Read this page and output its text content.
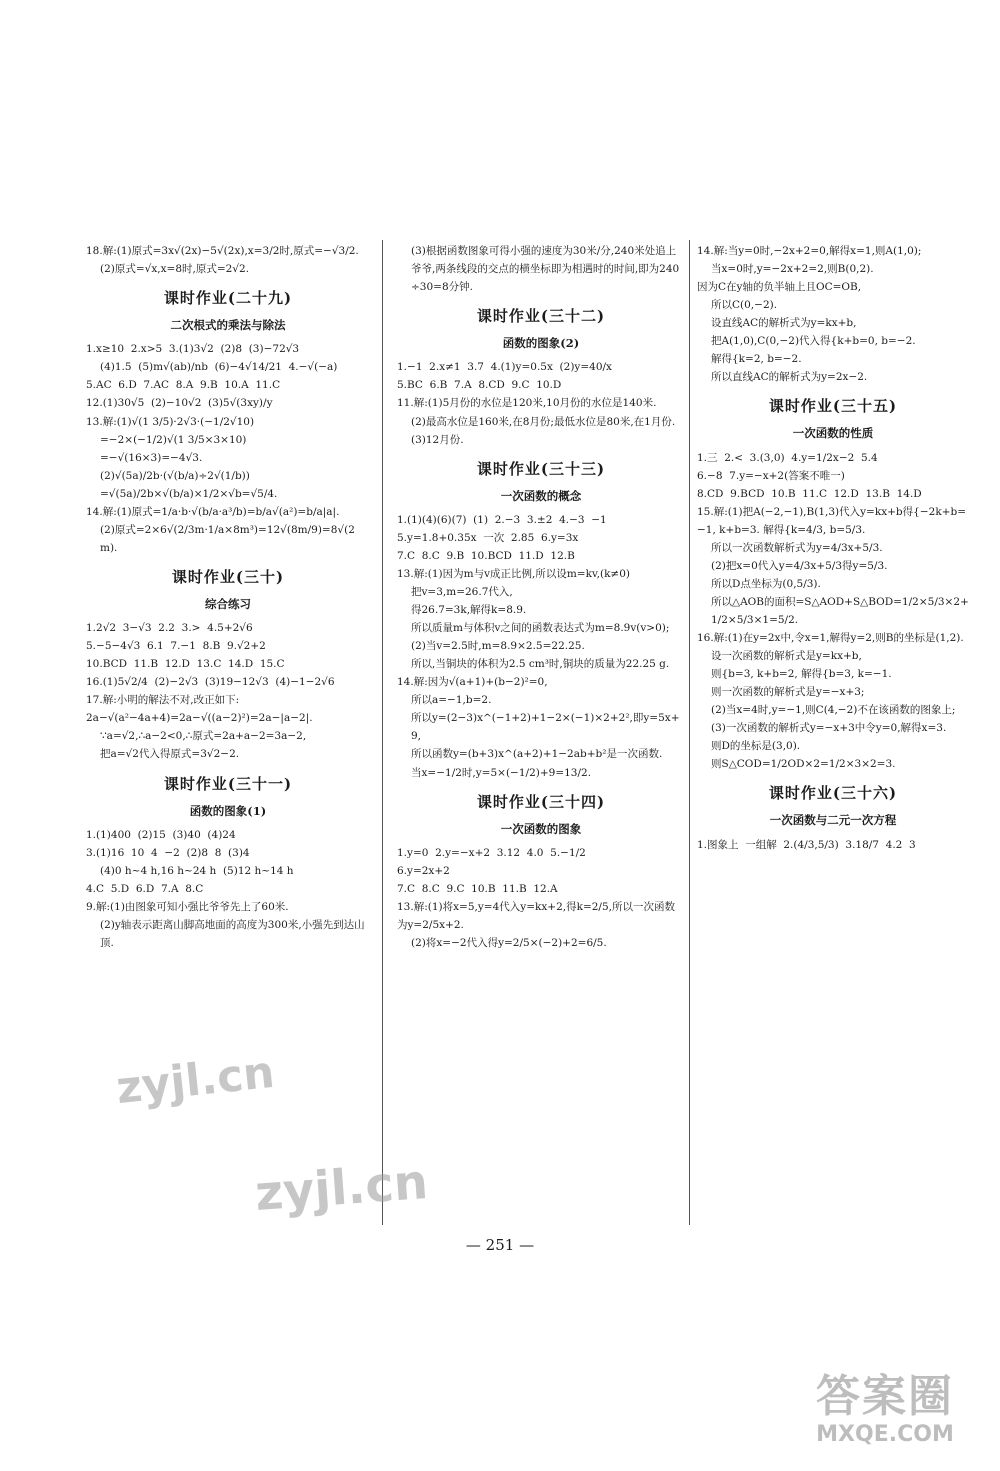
18.解:(1)原式=3x√(2x)−5√(2x),x=3/2时,原式=−√3/2.
(2)原式=√x,x=8时,原式=2√2.
课时作业(二十九)
二次根式的乘法与除法
1.x≥10  2.x>5  3.(1)3√2  (2)8  (3)−72√3
(4)1.5  (5)m√(ab)/nb  (6)−4√14/21  4.−√(−a)
5.AC  6.D  7.AC  8.A  9.B  10.A  11.C
12.(1)30√5  (2)−10√2  (3)5√(3xy)/y
13.解:(1)√(1 3/5)·2√3·(−1/2√10)
=−2×(−1/2)√(1 3/5×3×10)
=−√(16×3)=−4√3.
(2)√(5a)/2b·(√(b/a)÷2√(1/b))
=√(5a)/2b×√(b/a)×1/2×√b=√5/4.
14.解:(1)原式=1/a·b·√(b/a·a³/b)=b/a√(a²)=b/a|a|.
(2)原式=2×6√(2/3m·1/a×8m³)=12√(8m/9)=8√(2m).
课时作业(三十)
综合练习
1.2√2  3−√3  2.2  3.>  4.5+2√6
5.−5−4√3  6.1  7.−1  8.B  9.√2+2
10.BCD  11.B  12.D  13.C  14.D  15.C
16.(1)5√2/4  (2)−2√3  (3)19−12√3  (4)−1−2√6
17.解:小明的解法不对,改正如下:
2a−√(a²−4a+4)=2a−√((a−2)²)=2a−|a−2|.
∵a=√2,∴a−2<0,∴原式=2a+a−2=3a−2,
把a=√2代入得原式=3√2−2.
课时作业(三十一)
函数的图象(1)
1.(1)400  (2)15  (3)40  (4)24
3.(1)16  10  4  −2  (2)8  8  (3)4
(4)0 h~4 h,16 h~24 h  (5)12 h~14 h
4.C  5.D  6.D  7.A  8.C
9.解:(1)由图象可知小强比爷爷先上了60米.
(2)y轴表示距离山脚高地面的高度为300米,小强先到达山顶.
(3)根据函数图象可得小强的速度为30米/分,240米处追上爷爷,两条线段的交点的横坐标即为相遇时的时间,即为240÷30=8分钟.
课时作业(三十二)
函数的图象(2)
1.−1  2.x≠1  3.7  4.(1)y=0.5x  (2)y=40/x
5.BC  6.B  7.A  8.CD  9.C  10.D
11.解:(1)5月份的水位是120米,10月份的水位是140米.
(2)最高水位是160米,在8月份;最低水位是80米,在1月份.
(3)12月份.
课时作业(三十三)
一次函数的概念
1.(1)(4)(6)(7)  (1)  2.−3  3.±2  4.−3  −1
5.y=1.8+0.35x  一次  2.85  6.y=3x
7.C  8.C  9.B  10.BCD  11.D  12.B
13.解:(1)因为m与v成正比例,所以设m=kv,(k≠0)
把v=3,m=26.7代入,
得26.7=3k,解得k=8.9.
所以质量m与体积v之间的函数表达式为m=8.9v(v>0);
(2)当v=2.5时,m=8.9×2.5=22.25.
所以,当铜块的体积为2.5 cm³时,铜块的质量为22.25 g.
14.解:因为√(a+1)+(b−2)²=0,
所以a=−1,b=2.
所以y=(2−3)x^(−1+2)+1−2×(−1)×2+2²,即y=5x+9,
所以函数y=(b+3)x^(a+2)+1−2ab+b²是一次函数.
当x=−1/2时,y=5×(−1/2)+9=13/2.
课时作业(三十四)
一次函数的图象
1.y=0  2.y=−x+2  3.12  4.0  5.−1/2
6.y=2x+2
7.C  8.C  9.C  10.B  11.B  12.A
13.解:(1)将x=5,y=4代入y=kx+2,得k=2/5,所以一次函数为y=2/5x+2.
(2)将x=−2代入得y=2/5×(−2)+2=6/5.
14.解:当y=0时,−2x+2=0,解得x=1,则A(1,0);
当x=0时,y=−2x+2=2,则B(0,2).
因为C在y轴的负半轴上且OC=OB,
所以C(0,−2).
设直线AC的解析式为y=kx+b,
把A(1,0),C(0,−2)代入得{k+b=0, b=−2.
解得{k=2, b=−2.
所以直线AC的解析式为y=2x−2.
课时作业(三十五)
一次函数的性质
1.三  2.<  3.(3,0)  4.y=1/2x−2  5.4
6.−8  7.y=−x+2(答案不唯一)
8.CD  9.BCD  10.B  11.C  12.D  13.B  14.D
15.解:(1)把A(−2,−1),B(1,3)代入y=kx+b得{−2k+b=−1, k+b=3. 解得{k=4/3, b=5/3.
所以一次函数解析式为y=4/3x+5/3.
(2)把x=0代入y=4/3x+5/3得y=5/3.
所以D点坐标为(0,5/3).
所以△AOB的面积=S△AOD+S△BOD=1/2×5/3×2+1/2×5/3×1=5/2.
16.解:(1)在y=2x中,令x=1,解得y=2,则B的坐标是(1,2).
设一次函数的解析式是y=kx+b,
则{b=3, k+b=2, 解得{b=3, k=−1.
则一次函数的解析式是y=−x+3;
(2)当x=4时,y=−1,则C(4,−2)不在该函数的图象上;
(3)一次函数的解析式y=−x+3中令y=0,解得x=3.
则D的坐标是(3,0).
则S△COD=1/2OD×2=1/2×3×2=3.
课时作业(三十六)
一次函数与二元一次方程
1.图象上  一组解  2.(4/3,5/3)  3.18/7  4.2  3
— 251 —
zyjl.cn
zyjl.cn
答案圈
MXQE.COM
